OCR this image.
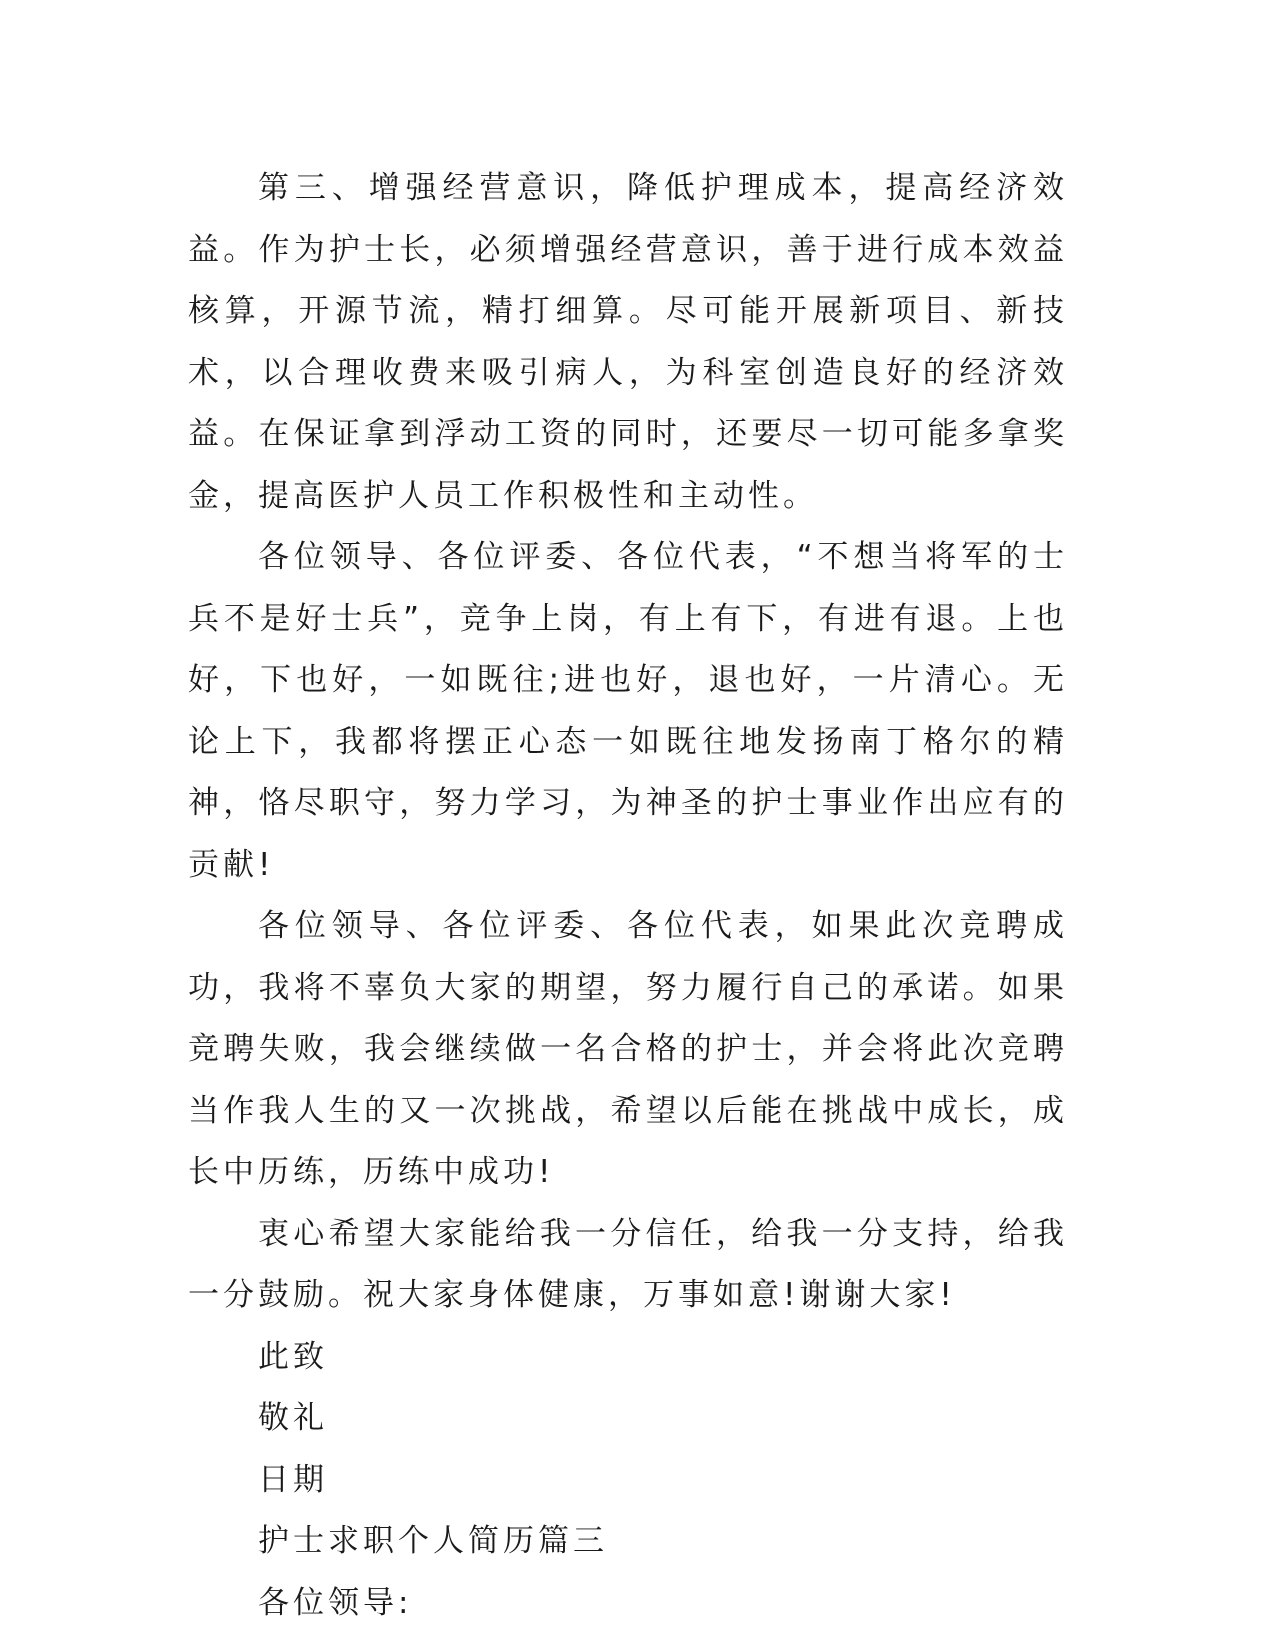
第三、增强经营意识，降低护理成本，提高经济效益。作为护士长，必须增强经营意识，善于进行成本效益核算，开源节流，精打细算。尽可能开展新项目、新技术，以合理收费来吸引病人，为科室创造良好的经济效益。在保证拿到浮动工资的同时，还要尽一切可能多拿奖金，提高医护人员工作积极性和主动性。

各位领导、各位评委、各位代表，“不想当将军的士兵不是好士兵”，竞争上岗，有上有下，有进有退。上也好，下也好，一如既往;进也好，退也好，一片清心。无论上下，我都将摆正心态一如既往地发扬南丁格尔的精神，恪尽职守，努力学习，为神圣的护士事业作出应有的贡献!

各位领导、各位评委、各位代表，如果此次竞聘成功，我将不辜负大家的期望，努力履行自己的承诺。如果竞聘失败，我会继续做一名合格的护士，并会将此次竞聘当作我人生的又一次挑战，希望以后能在挑战中成长，成长中历练，历练中成功!

衷心希望大家能给我一分信任，给我一分支持，给我一分鼓励。祝大家身体健康，万事如意!谢谢大家!

此致

敬礼

日期

护士求职个人简历篇三

各位领导:
